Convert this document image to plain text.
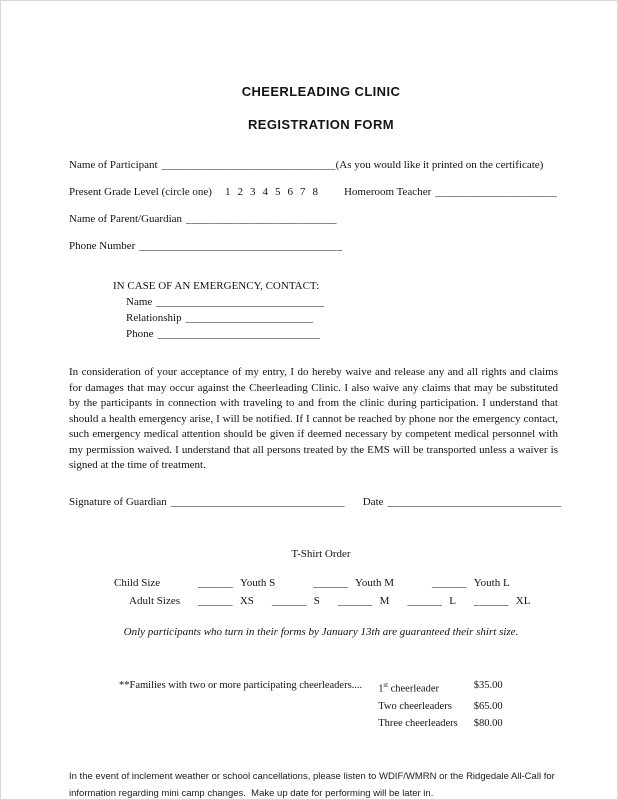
CHEERLEADING CLINIC
REGISTRATION FORM
Name of Participant ______________________________(As you would like it printed on the certificate)
Present Grade Level (circle one) 1 2 3 4 5 6 7 8 Homeroom Teacher _____________________
Name of Parent/Guardian __________________________
Phone Number ___________________________________
IN CASE OF AN EMERGENCY, CONTACT:
Name _____________________________
Relationship ______________________
Phone ____________________________

In consideration of your acceptance of my entry, I do hereby waive and release any and all rights and claims for damages that may occur against the Cheerleading Clinic. I also waive any claims that may be substituted by the participants in connection with traveling to and from the clinic during participation. I understand that should a health emergency arise, I will be notified. If I cannot be reached by phone nor the emergency contact, such emergency medical attention should be given if deemed necessary by competent medical personnel with my permission waived. I understand that all persons treated by the EMS will be transported unless a waiver is signed at the time of treatment.

Signature of Guardian ______________________________ Date ______________________________
T-Shirt Order
Child Size	______ Youth S	______ Youth M	______ Youth L
Adult Sizes ______ XS ______ S ______ M ______ L ______ XL
Only participants who turn in their forms by January 13th are guaranteed their shirt size.
**Families with two or more participating cheerleaders.... 1st cheerleader	$35.00
Two cheerleaders	$65.00
Three cheerleaders $80.00

In the event of inclement weather or school cancellations, please listen to WDIF/WMRN or the Ridgedale All-Call for information regarding mini camp changes.  Make up date for performing will be later in.
